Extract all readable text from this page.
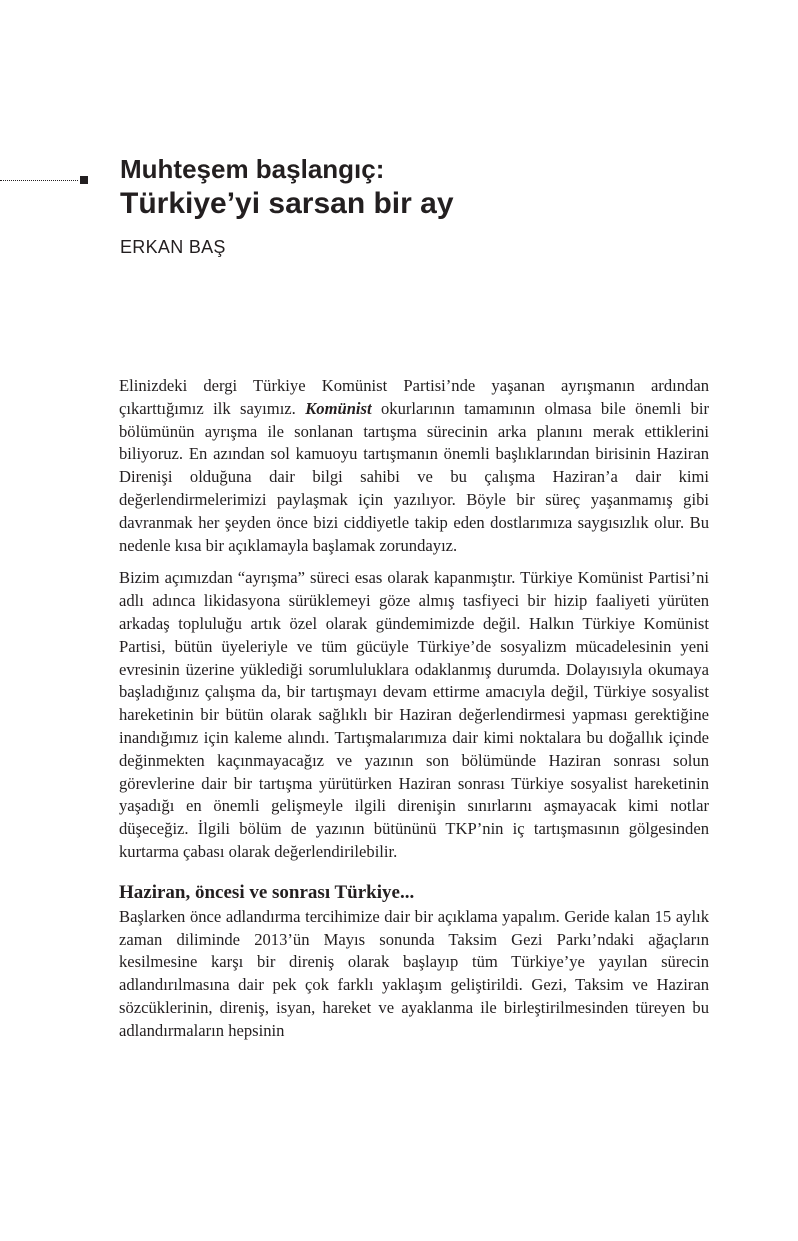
Muhteşem başlangıç:
Türkiye’yi sarsan bir ay
ERKAN BAŞ

Elinizdeki dergi Türkiye Komünist Partisi’nde yaşanan ayrışmanın ardından çıkarttığımız ilk sayımız. Komünist okurlarının tamamının olmasa bile önemli bir bölümünün ayrışma ile sonlanan tartışma sürecinin arka planını merak ettiklerini biliyoruz. En azından sol kamuoyu tartışmanın önemli başlıklarından birisinin Haziran Direnişi olduğuna dair bilgi sahibi ve bu çalışma Haziran’a dair kimi değerlendirmelerimizi paylaşmak için yazılıyor. Böyle bir süreç yaşanmamış gibi davranmak her şeyden önce bizi ciddiyetle takip eden dostlarımıza saygısızlık olur. Bu nedenle kısa bir açıklamayla başlamak zorundayız.

Bizim açımızdan “ayrışma” süreci esas olarak kapanmıştır. Türkiye Komünist Partisi’ni adlı adınca likidasyona sürüklemeyi göze almış tasfiyeci bir hizip faaliyeti yürüten arkadaş topluluğu artık özel olarak gündemimizde değil. Halkın Türkiye Komünist Partisi, bütün üyeleriyle ve tüm gücüyle Türkiye’de sosyalizm mücadelesinin yeni evresinin üzerine yüklediği sorumluluklara odaklanmış durumda. Dolayısıyla okumaya başladığınız çalışma da, bir tartışmayı devam ettirme amacıyla değil, Türkiye sosyalist hareketinin bir bütün olarak sağlıklı bir Haziran değerlendirmesi yapması gerektiğine inandığımız için kaleme alındı. Tartışmalarımıza dair kimi noktalara bu doğallık içinde değinmekten kaçınmayacağız ve yazının son bölümünde Haziran sonrası solun görevlerine dair bir tartışma yürütürken Haziran sonrası Türkiye sosyalist hareketinin yaşadığı en önemli gelişmeyle ilgili direnişin sınırlarını aşmayacak kimi notlar düşeceğiz. İlgili bölüm de yazının bütününü TKP’nin iç tartışmasının gölgesinden kurtarma çabası olarak değerlendirilebilir.

Haziran, öncesi ve sonrası Türkiye...

Başlarken önce adlandırma tercihimize dair bir açıklama yapalım. Geride kalan 15 aylık zaman diliminde 2013’ün Mayıs sonunda Taksim Gezi Parkı’ndaki ağaçların kesilmesine karşı bir direniş olarak başlayıp tüm Türkiye’ye yayılan sürecin adlandırılmasına dair pek çok farklı yaklaşım geliştirildi. Gezi, Taksim ve Haziran sözcüklerinin, direniş, isyan, hareket ve ayaklanma ile birleştirilmesinden türeyen bu adlandırmaların hepsinin
